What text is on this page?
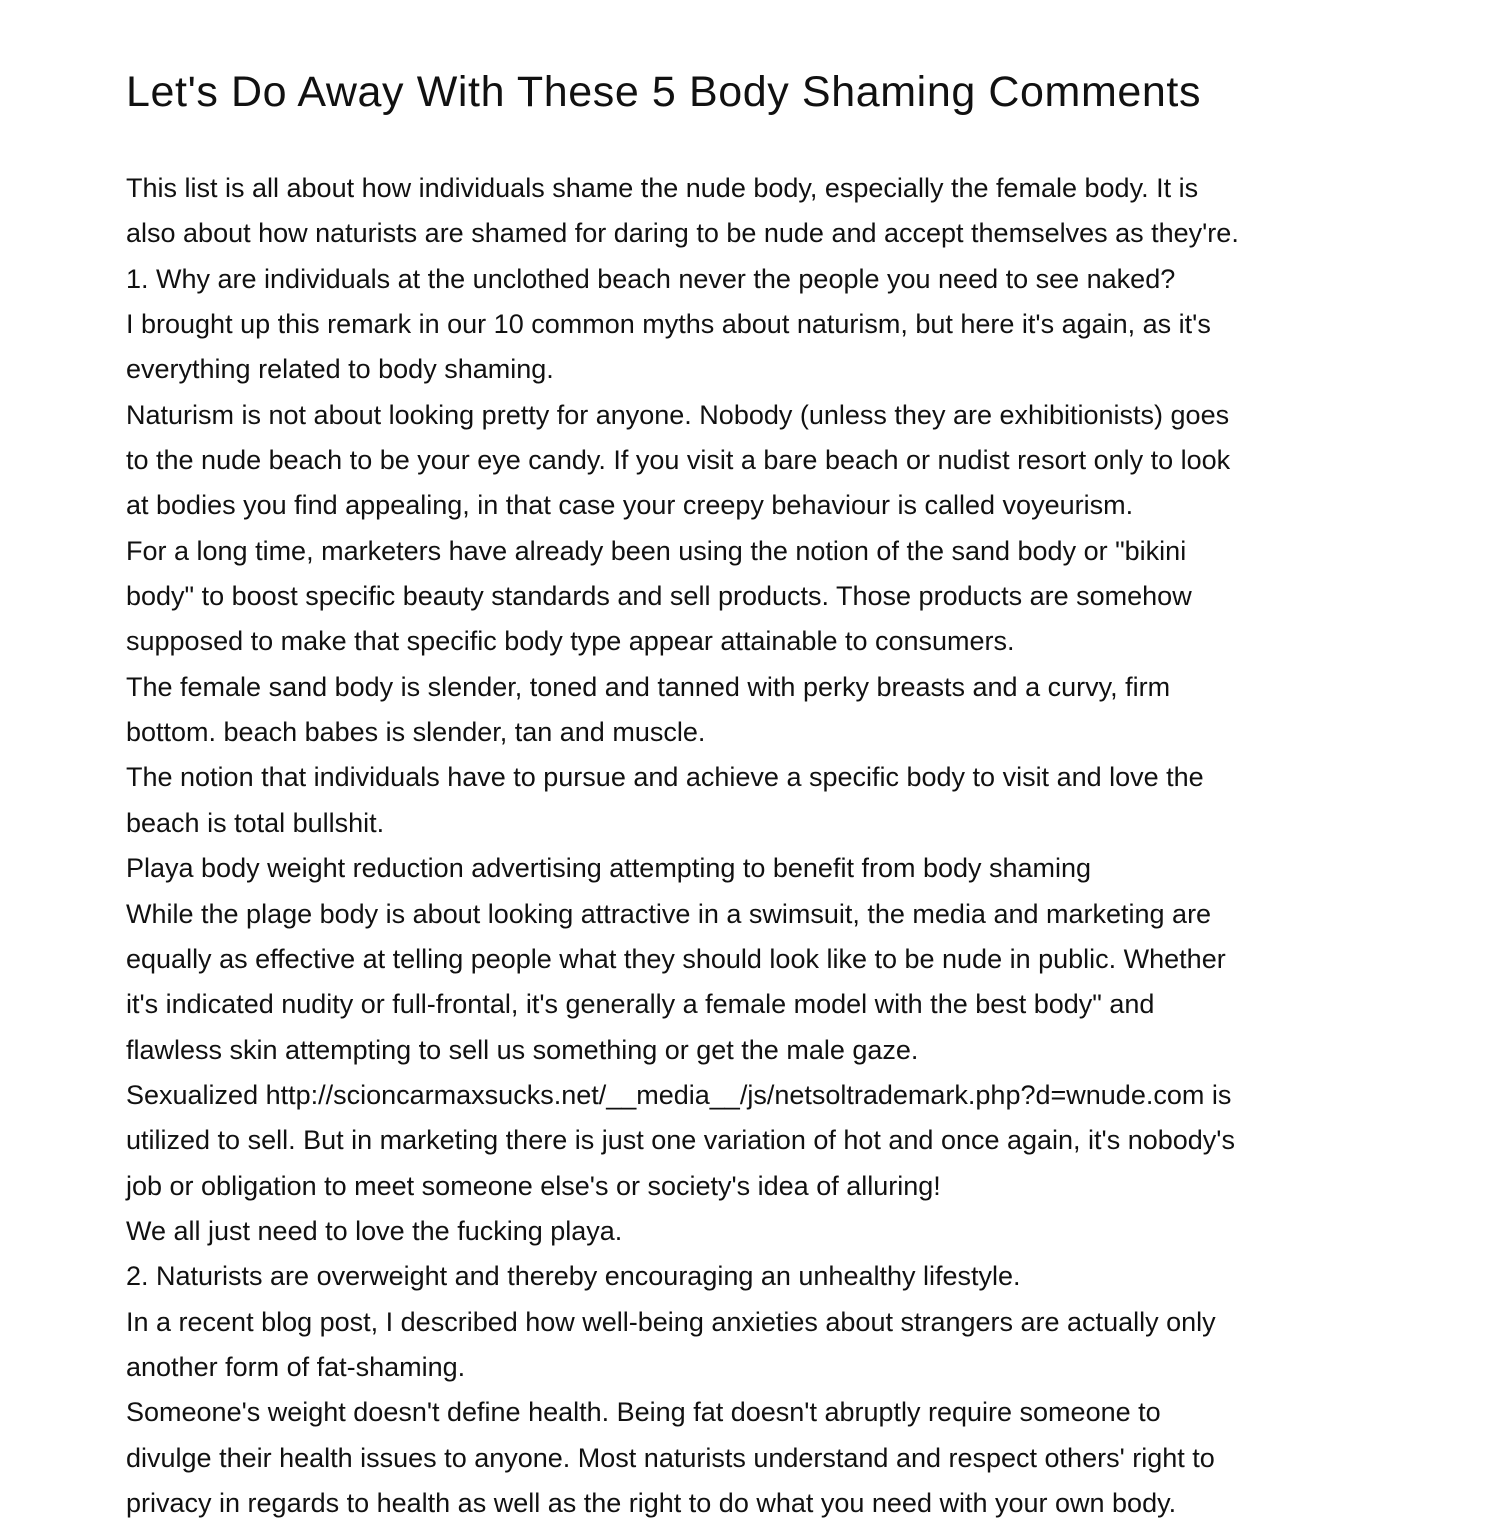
Let's Do Away With These 5 Body Shaming Comments
This list is all about how individuals shame the nude body, especially the female body. It is
also about how naturists are shamed for daring to be nude and accept themselves as they're.
1. Why are individuals at the unclothed beach never the people you need to see naked?
I brought up this remark in our 10 common myths about naturism, but here it's again, as it's
everything related to body shaming.
Naturism is not about looking pretty for anyone. Nobody (unless they are exhibitionists) goes
to the nude beach to be your eye candy. If you visit a bare beach or nudist resort only to look
at bodies you find appealing, in that case your creepy behaviour is called voyeurism.
For a long time, marketers have already been using the notion of the sand body or "bikini
body" to boost specific beauty standards and sell products. Those products are somehow
supposed to make that specific body type appear attainable to consumers.
The female sand body is slender, toned and tanned with perky breasts and a curvy, firm
bottom. beach babes is slender, tan and muscle.
The notion that individuals have to pursue and achieve a specific body to visit and love the
beach is total bullshit.
Playa body weight reduction advertising attempting to benefit from body shaming
While the plage body is about looking attractive in a swimsuit, the media and marketing are
equally as effective at telling people what they should look like to be nude in public. Whether
it's indicated nudity or full-frontal, it's generally a female model with the best body" and
flawless skin attempting to sell us something or get the male gaze.
Sexualized http://scioncarmaxsucks.net/__media__/js/netsoltrademark.php?d=wnude.com is
utilized to sell. But in marketing there is just one variation of hot and once again, it's nobody's
job or obligation to meet someone else's or society's idea of alluring!
We all just need to love the fucking playa.
2. Naturists are overweight and thereby encouraging an unhealthy lifestyle.
In a recent blog post, I described how well-being anxieties about strangers are actually only
another form of fat-shaming.
Someone's weight doesn't define health. Being fat doesn't abruptly require someone to
divulge their health issues to anyone. Most naturists understand and respect others' right to
privacy in regards to health as well as the right to do what you need with your own body.
